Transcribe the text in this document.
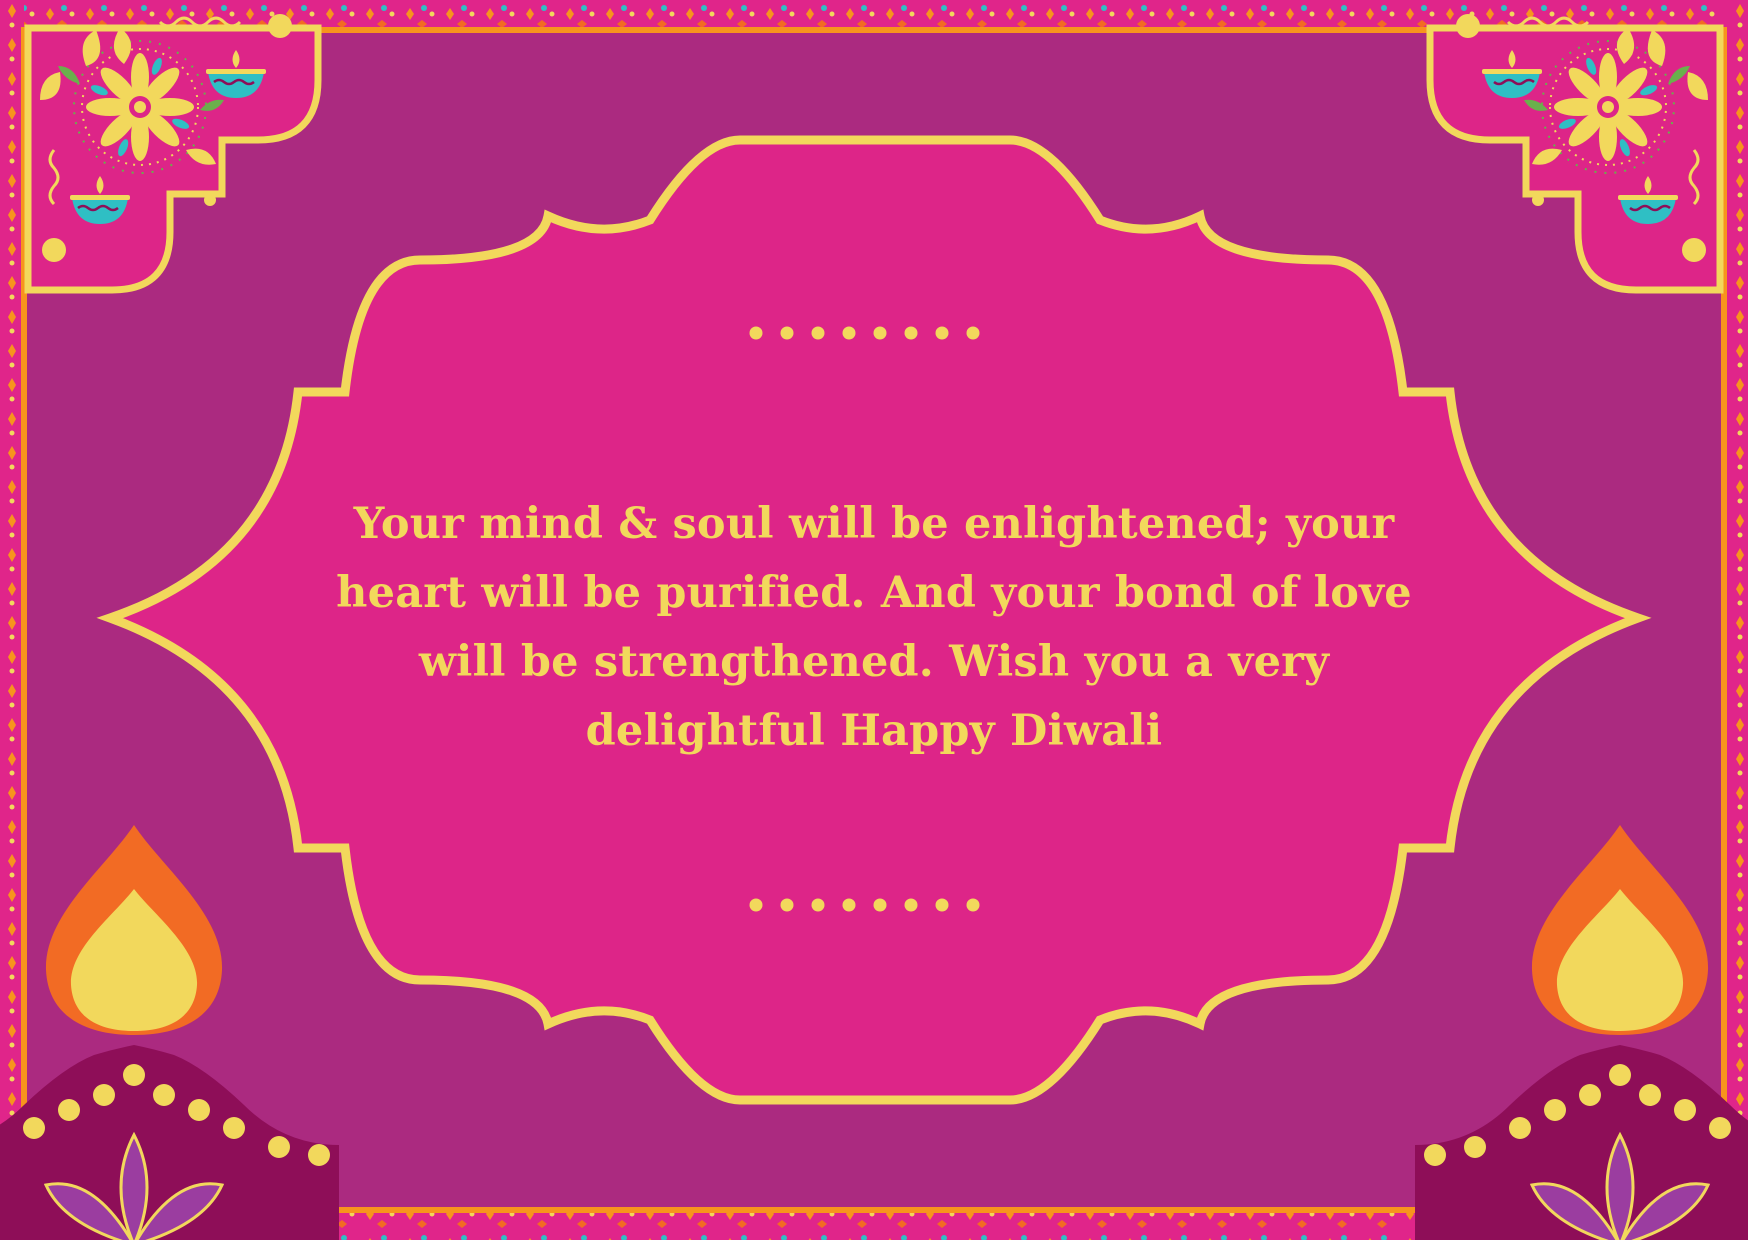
Your mind & soul will be enlightened; your heart will be purified. And your bond of love will be strengthened. Wish you a very delightful Happy Diwali
